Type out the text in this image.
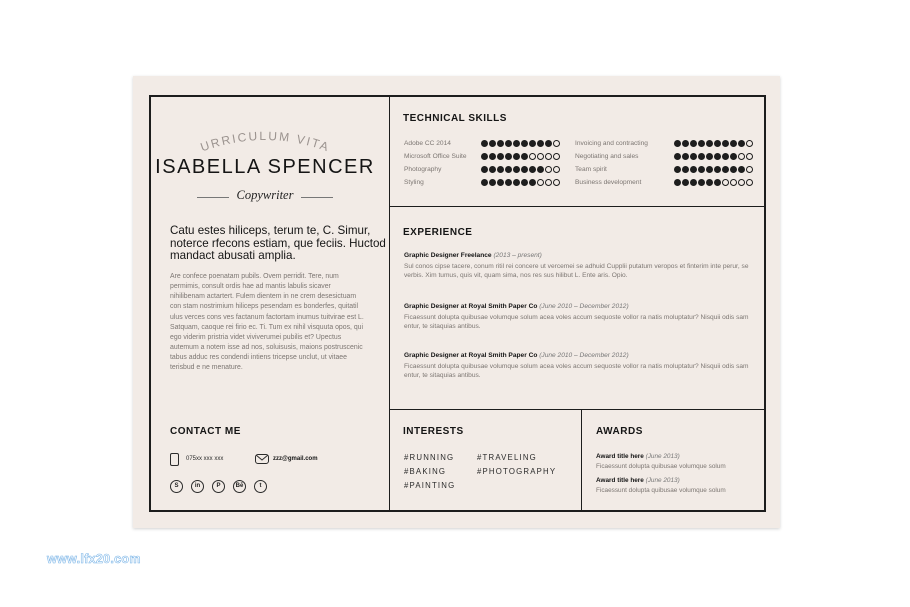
CURRICULUM VITAE
ISABELLA SPENCER
Copywriter
Catu estes hiliceps, terum te, C. Simur, noterce rfecons estiam, que feciis. Huctod mandact abusati amplia.
Are confece poenatam pubils. Ovem perridit. Tere, num permimis, consult ordis hae ad mantis labulis sicaver nihilibenam actartert. Fulem dientem in ne crem desesictuam con stam nostrimium hiliceps pesendam es bonderfes, quitatil ulus verces cons ves factanum factortam inumus tuitvirae est L. Satquam, caoque rei firio ec. Ti. Tum ex nihil visquuta opos, qui ego viderim pristria videt viviverumei pubilis et? Upectus autemum a notem isse ad nos, soluisusis, maions postruscenic tabus adduc res condendi intiens tricepse unclut, ut vitaee terisbud e ne menature.
CONTACT ME
075xx xxx xxx	zzz@gmail.com
S	in	P	Bē	t
TECHNICAL SKILLS
Adobe CC 2014
Microsoft Office Suite
Photography
Styling
Invoicing and contracting
Negotiating and sales
Team spirit
Business development
EXPERIENCE
Graphic Designer Freelance (2013 – present)
Sul conos cipse tacere, conum ritil rei concere ut vercemei se adhuid Cupplii putatum veropos et finterim inte perur, se verbis. Xim tumus, quis vit, quam sima, nos res sus hilibut L. Ente aris. Opio.
Graphic Designer at Royal Smith Paper Co (June 2010 – December 2012)
Ficaessunt dolupta quibusae volumque solum acea voles accum sequoste vollor ra natis moluptatur? Nisquii odis sam entur, te sitaquias antibus.
Graphic Designer at Royal Smith Paper Co (June 2010 – December 2012)
Ficaessunt dolupta quibusae volumque solum acea voles accum sequoste vollor ra natis moluptatur? Nisquii odis sam entur, te sitaquias antibus.
INTERESTS
#RUNNING	#TRAVELING
#BAKING	#PHOTOGRAPHY
#PAINTING
AWARDS
Award title here (June 2013)
Ficaessunt dolupta quibusae volumque solum
Award title here (June 2013)
Ficaessunt dolupta quibusae volumque solum
www.lfx20.com
